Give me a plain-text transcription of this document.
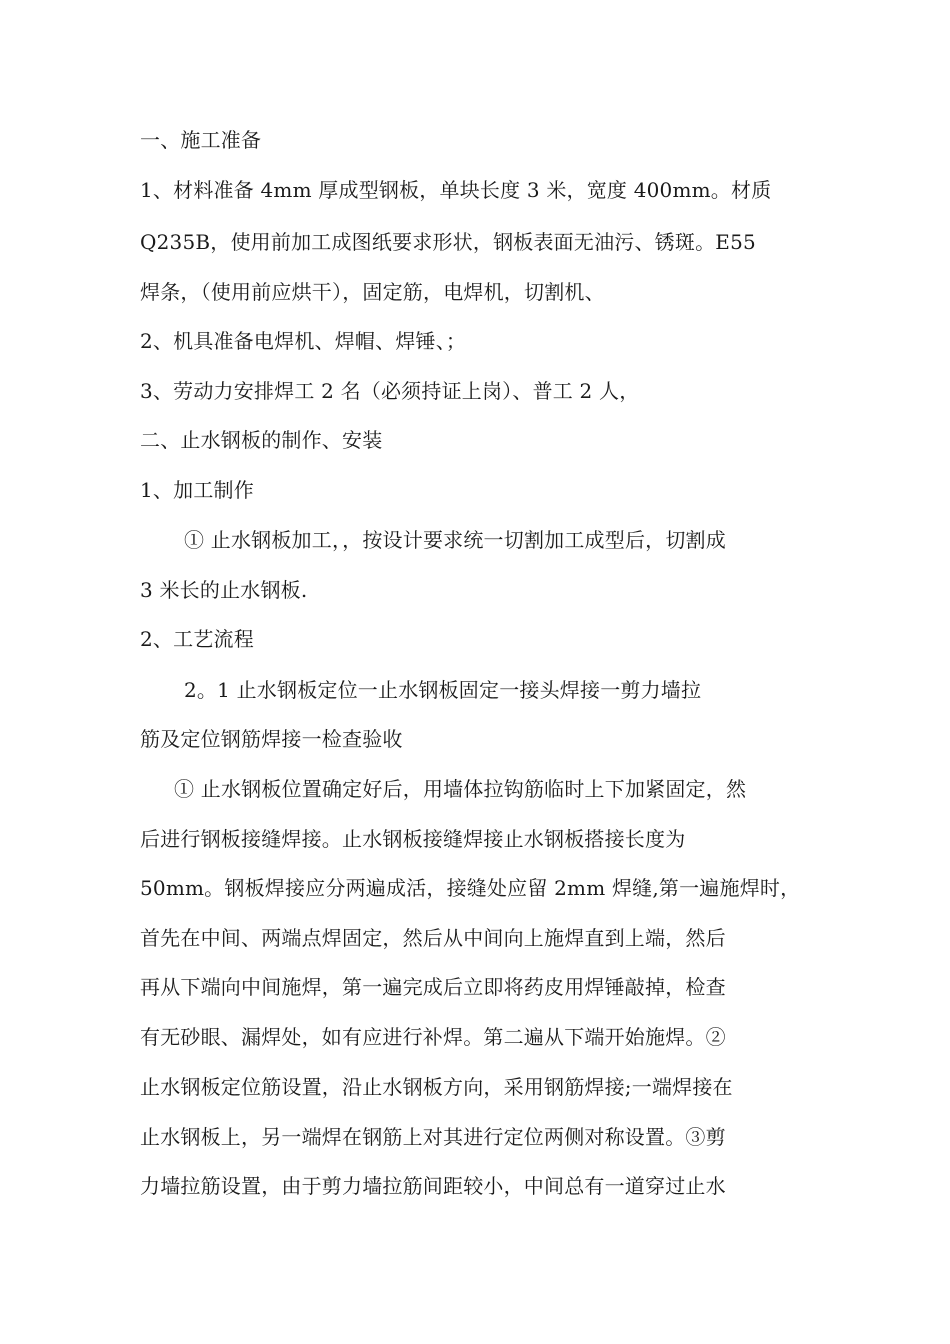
一、施工准备
1、材料准备 4mm 厚成型钢板，单块长度 3 米，宽度 400mm。材质
Q235B，使用前加工成图纸要求形状，钢板表面无油污、锈斑。E55
焊条，（使用前应烘干），固定筋，电焊机，切割机、
2、机具准备电焊机、焊帽、焊锤、；
3、劳动力安排焊工 2 名（必须持证上岗）、普工 2 人，
二、止水钢板的制作、安装
1、加工制作
① 止水钢板加工，，按设计要求统一切割加工成型后，切割成
3 米长的止水钢板.
2、工艺流程
2。1 止水钢板定位一止水钢板固定一接头焊接一剪力墙拉
筋及定位钢筋焊接一检查验收
① 止水钢板位置确定好后，用墙体拉钩筋临时上下加紧固定，然
后进行钢板接缝焊接。止水钢板接缝焊接止水钢板搭接长度为
50mm。钢板焊接应分两遍成活，接缝处应留 2mm 焊缝,第一遍施焊时，
首先在中间、两端点焊固定，然后从中间向上施焊直到上端，然后
再从下端向中间施焊，第一遍完成后立即将药皮用焊锤敲掉，检查
有无砂眼、漏焊处，如有应进行补焊。第二遍从下端开始施焊。②
止水钢板定位筋设置，沿止水钢板方向，采用钢筋焊接;一端焊接在
止水钢板上，另一端焊在钢筋上对其进行定位两侧对称设置。③剪
力墙拉筋设置，由于剪力墙拉筋间距较小，中间总有一道穿过止水
